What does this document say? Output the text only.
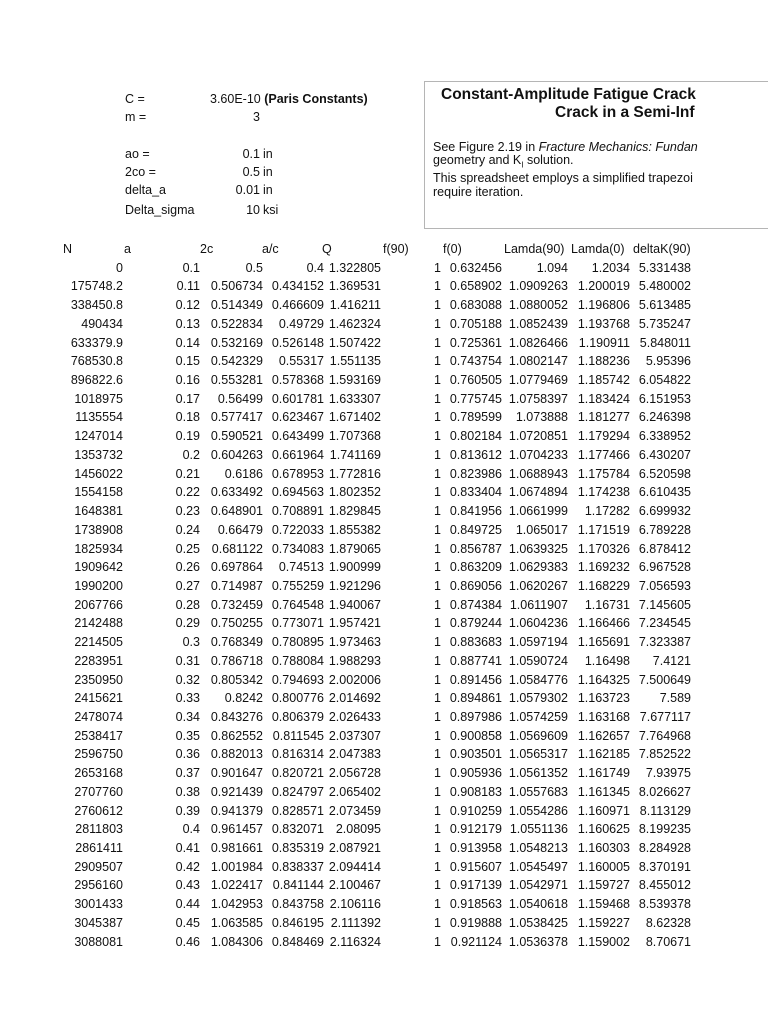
C =	3.60E-10 (Paris Constants)
m =	3
ao =	0.1 in
2co =	0.5 in
delta_a	0.01 in
Delta_sigma	10 ksi
Constant-Amplitude Fatigue Crack
Crack in a Semi-Inf
See Figure 2.19 in Fracture Mechanics: Fundan
geometry and $K_I$ solution.
This spreadsheet employs a simplified trapezoi
require iteration.
N	a	2c	a/c	Q	f(90)	f(0)	Lamda(90) Lamda(0) deltaK(90)
0	0.1	0.5	0.4 1.322805	1 0.632456	1.094	1.2034 5.331438
175748.2	0.11 0.506734 0.434152 1.369531	1 0.658902 1.0909263 1.200019 5.480002
338450.8	0.12 0.514349 0.466609 1.416211	1 0.683088 1.0880052 1.196806 5.613485
490434	0.13 0.522834	0.49729 1.462324	1 0.705188 1.0852439 1.193768 5.735247
633379.9	0.14 0.532169 0.526148 1.507422	1 0.725361 1.0826466 1.190911 5.848011
768530.8	0.15 0.542329	0.55317 1.551135	1 0.743754 1.0802147 1.188236	5.95396
896822.6	0.16 0.553281 0.578368 1.593169	1 0.760505 1.0779469 1.185742 6.054822
1018975	0.17	0.56499 0.601781 1.633307	1 0.775745 1.0758397 1.183424 6.151953
1135554	0.18 0.577417 0.623467 1.671402	1 0.789599	1.073888 1.181277 6.246398
1247014	0.19 0.590521 0.643499 1.707368	1 0.802184 1.0720851 1.179294 6.338952
1353732	0.2 0.604263 0.661964 1.741169	1 0.813612 1.0704233 1.177466 6.430207
1456022	0.21	0.6186 0.678953 1.772816	1 0.823986 1.0688943 1.175784 6.520598
1554158	0.22 0.633492 0.694563 1.802352	1 0.833404 1.0674894 1.174238 6.610435
1648381	0.23 0.648901 0.708891 1.829845	1 0.841956 1.0661999	1.17282 6.699932
1738908	0.24	0.66479 0.722033 1.855382	1 0.849725	1.065017 1.171519 6.789228
1825934	0.25 0.681122 0.734083 1.879065	1 0.856787 1.0639325 1.170326 6.878412
1909642	0.26 0.697864	0.74513 1.900999	1 0.863209 1.0629383 1.169232 6.967528
1990200	0.27 0.714987 0.755259 1.921296	1 0.869056 1.0620267 1.168229 7.056593
2067766	0.28 0.732459 0.764548 1.940067	1 0.874384 1.0611907	1.16731 7.145605
2142488	0.29 0.750255 0.773071 1.957421	1 0.879244 1.0604236 1.166466 7.234545
2214505	0.3 0.768349 0.780895 1.973463	1 0.883683 1.0597194 1.165691 7.323387
2283951	0.31 0.786718 0.788084 1.988293	1 0.887741 1.0590724	1.16498	7.4121
2350950	0.32 0.805342 0.794693 2.002006	1 0.891456 1.0584776 1.164325 7.500649
2415621	0.33	0.8242 0.800776 2.014692	1 0.894861 1.0579302 1.163723	7.589
2478074	0.34 0.843276 0.806379 2.026433	1 0.897986 1.0574259 1.163168 7.677117
2538417	0.35 0.862552 0.811545 2.037307	1 0.900858 1.0569609 1.162657 7.764968
2596750	0.36 0.882013 0.816314 2.047383	1 0.903501 1.0565317 1.162185 7.852522
2653168	0.37 0.901647 0.820721 2.056728	1 0.905936 1.0561352 1.161749	7.93975
2707760	0.38 0.921439 0.824797 2.065402	1 0.908183 1.0557683 1.161345 8.026627
2760612	0.39 0.941379 0.828571 2.073459	1 0.910259 1.0554286 1.160971 8.113129
2811803	0.4 0.961457 0.832071 2.08095	1 0.912179 1.0551136 1.160625 8.199235
2861411	0.41 0.981661 0.835319 2.087921	1 0.913958 1.0548213 1.160303 8.284928
2909507	0.42 1.001984 0.838337 2.094414	1 0.915607 1.0545497 1.160005 8.370191
2956160	0.43 1.022417 0.841144 2.100467	1 0.917139 1.0542971 1.159727 8.455012
3001433	0.44 1.042953 0.843758 2.106116	1 0.918563 1.0540618 1.159468 8.539378
3045387	0.45 1.063585 0.846195 2.111392	1 0.919888 1.0538425 1.159227	8.62328
3088081	0.46 1.084306 0.848469 2.116324	1 0.921124 1.0536378 1.159002	8.70671
